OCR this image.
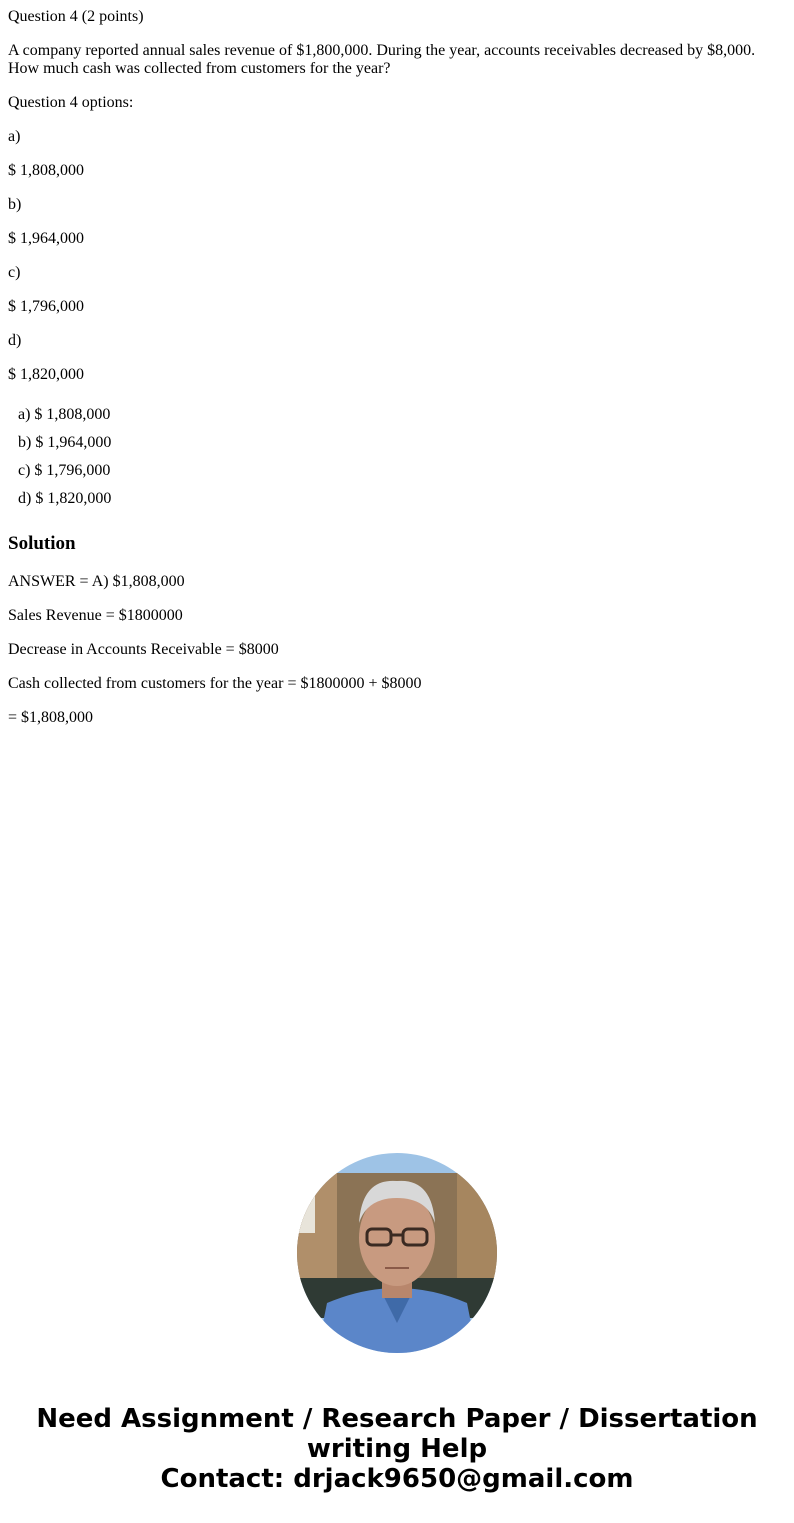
Question 4 (2 points)

A company reported annual sales revenue of $1,800,000. During the year, accounts receivables decreased by $8,000. How much cash was collected from customers for the year?

Question 4 options:

a)

$ 1,808,000

b)

$ 1,964,000

c)

$ 1,796,000

d)

$ 1,820,000

a) $ 1,808,000
b) $ 1,964,000
c) $ 1,796,000
d) $ 1,820,000
Solution

ANSWER = A) $1,808,000

Sales Revenue = $1800000

Decrease in Accounts Receivable = $8000

Cash collected from customers for the year = $1800000 + $8000

= $1,808,000

Need Assignment / Research Paper / Dissertation
writing Help
Contact: drjack9650@gmail.com
